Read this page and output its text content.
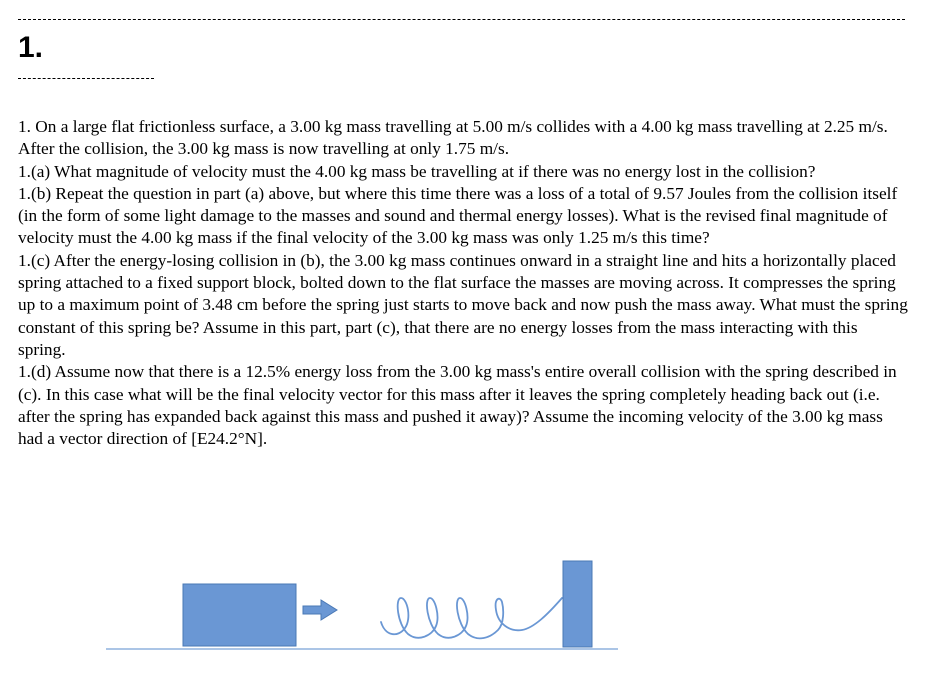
1.

1. On a large flat frictionless surface, a 3.00 kg mass travelling at 5.00 m/s collides with a 4.00 kg mass travelling at 2.25 m/s. After the collision, the 3.00 kg mass is now travelling at only 1.75 m/s.

1.(a) What magnitude of velocity must the 4.00 kg mass be travelling at if there was no energy lost in the collision?

1.(b) Repeat the question in part (a) above, but where this time there was a loss of a total of 9.57 Joules from the collision itself (in the form of some light damage to the masses and sound and thermal energy losses). What is the revised final magnitude of velocity must the 4.00 kg mass if the final velocity of the 3.00 kg mass was only 1.25 m/s this time?

1.(c) After the energy-losing collision in (b), the 3.00 kg mass continues onward in a straight line and hits a horizontally placed spring attached to a fixed support block, bolted down to the flat surface the masses are moving across. It compresses the spring up to a maximum point of 3.48 cm before the spring just starts to move back and now push the mass away. What must the spring constant of this spring be? Assume in this part, part (c), that there are no energy losses from the mass interacting with this spring.

1.(d) Assume now that there is a 12.5% energy loss from the 3.00 kg mass's entire overall collision with the spring described in (c). In this case what will be the final velocity vector for this mass after it leaves the spring completely heading back out (i.e. after the spring has expanded back against this mass and pushed it away)? Assume the incoming velocity of the 3.00 kg mass had a vector direction of [E24.2°N].
